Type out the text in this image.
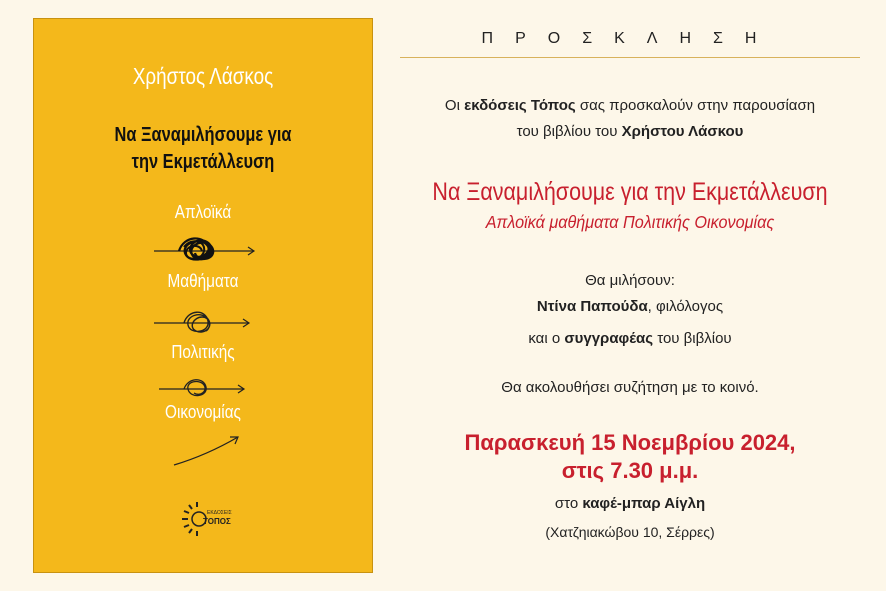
Χρήστος Λάσκος
Να Ξαναμιλήσουμε για
την Εκμετάλλευση
Απλοϊκά
Μαθήματα
Πολιτικής
Οικονομίας
ΕΚΔΟΣΕΙΣ
ΤΟΠΟΣ
ΠΡΟΣΚΛΗΣΗ
Οι εκδόσεις Τόπος σας προσκαλούν στην παρουσίαση
του βιβλίου του Χρήστου Λάσκου
Να Ξαναμιλήσουμε για την Εκμετάλλευση
Απλοϊκά μαθήματα Πολιτικής Οικονομίας
Θα μιλήσουν:
Ντίνα Παπούδα, φιλόλογος
και ο συγγραφέας του βιβλίου
Θα ακολουθήσει συζήτηση με το κοινό.
Παρασκευή 15 Νοεμβρίου 2024,
στις 7.30 μ.μ.
στο καφέ-μπαρ Αίγλη
(Χατζηιακώβου 10, Σέρρες)
